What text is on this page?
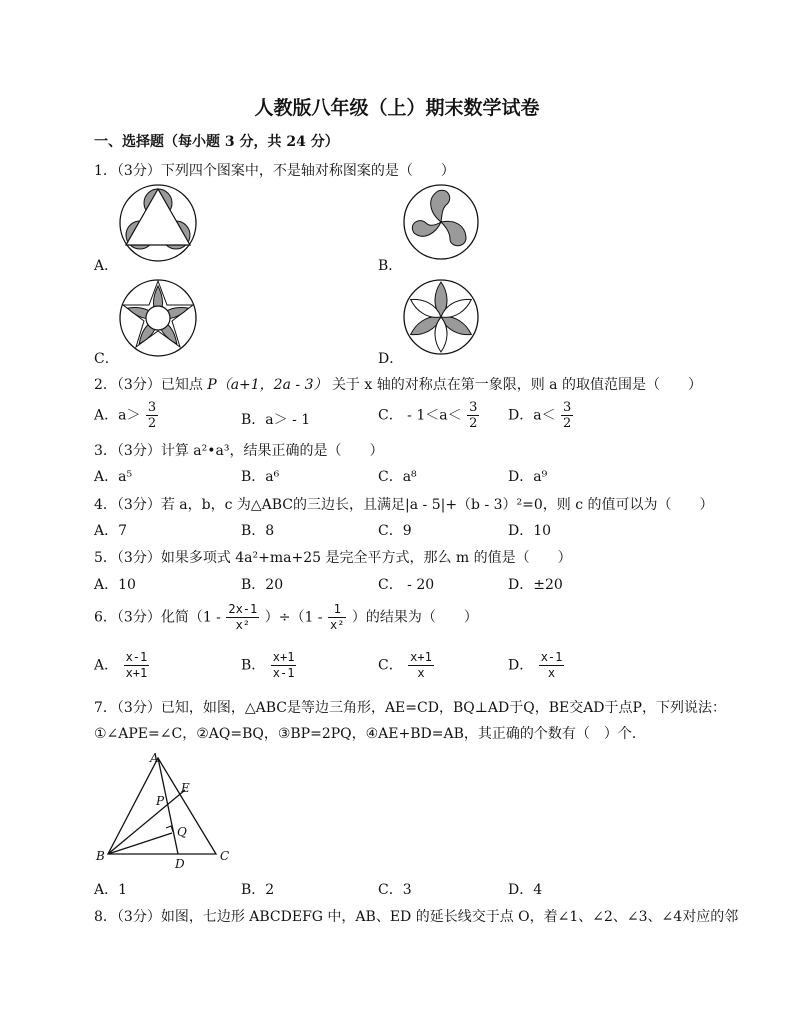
人教版八年级（上）期末数学试卷
一、选择题（每小题 3 分，共 24 分）
1．（3分）下列四个图案中，不是轴对称图案的是（　　）
A．	B．
C．	D．
2．（3分）已知点 P（a+1，2a - 3） 关于 x 轴的对称点在第一象限，则 a 的取值范围是（　　）
A．$a> \frac{3}{2}$	B．a＞ - 1	C． - $1<a< \frac{3}{2}$ D．$a< \frac{3}{2}$
3．（3分）计算 a²•a³，结果正确的是（　　）
A．a⁵	B．a⁶	C．a⁸	D．a⁹
4．（3分）若 a，b，c 为△ABC的三边长，且满足|a - 5|+（b - 3）²=0，则 c 的值可以为（　　）
A．7	B．8	C．9	D．10
5．（3分）如果多项式 4a²+ma+25 是完全平方式，那么 m 的值是（　　）
A．10	B．20	C． - 20	D．±20
6．（3分）化简$(1 - \frac{2x-1}{\text{x²}} )\div(1 - \frac{1}{\text{x²}}$ ）的结果为（　　）
A． $\frac{x-1}{x+1}$	B． $\frac{x+1}{x-1}$	C． $\frac{x+1}{x}$	D． $\frac{x-1}{x}$
7．（3分）已知，如图，△ABC是等边三角形，AE=CD，BQ⊥AD于Q，BE交AD于点P，下列说法：
①∠APE=∠C，②AQ=BQ，③BP=2PQ，④AE+BD=AB，其正确的个数有（　）个．
A
B	C
D
E
P
Q
A．1	B．2	C．3	D．4
8．（3分）如图，七边形 ABCDEFG 中，AB、ED 的延长线交于点 O，着∠1、∠2、∠3、∠4对应的邻
